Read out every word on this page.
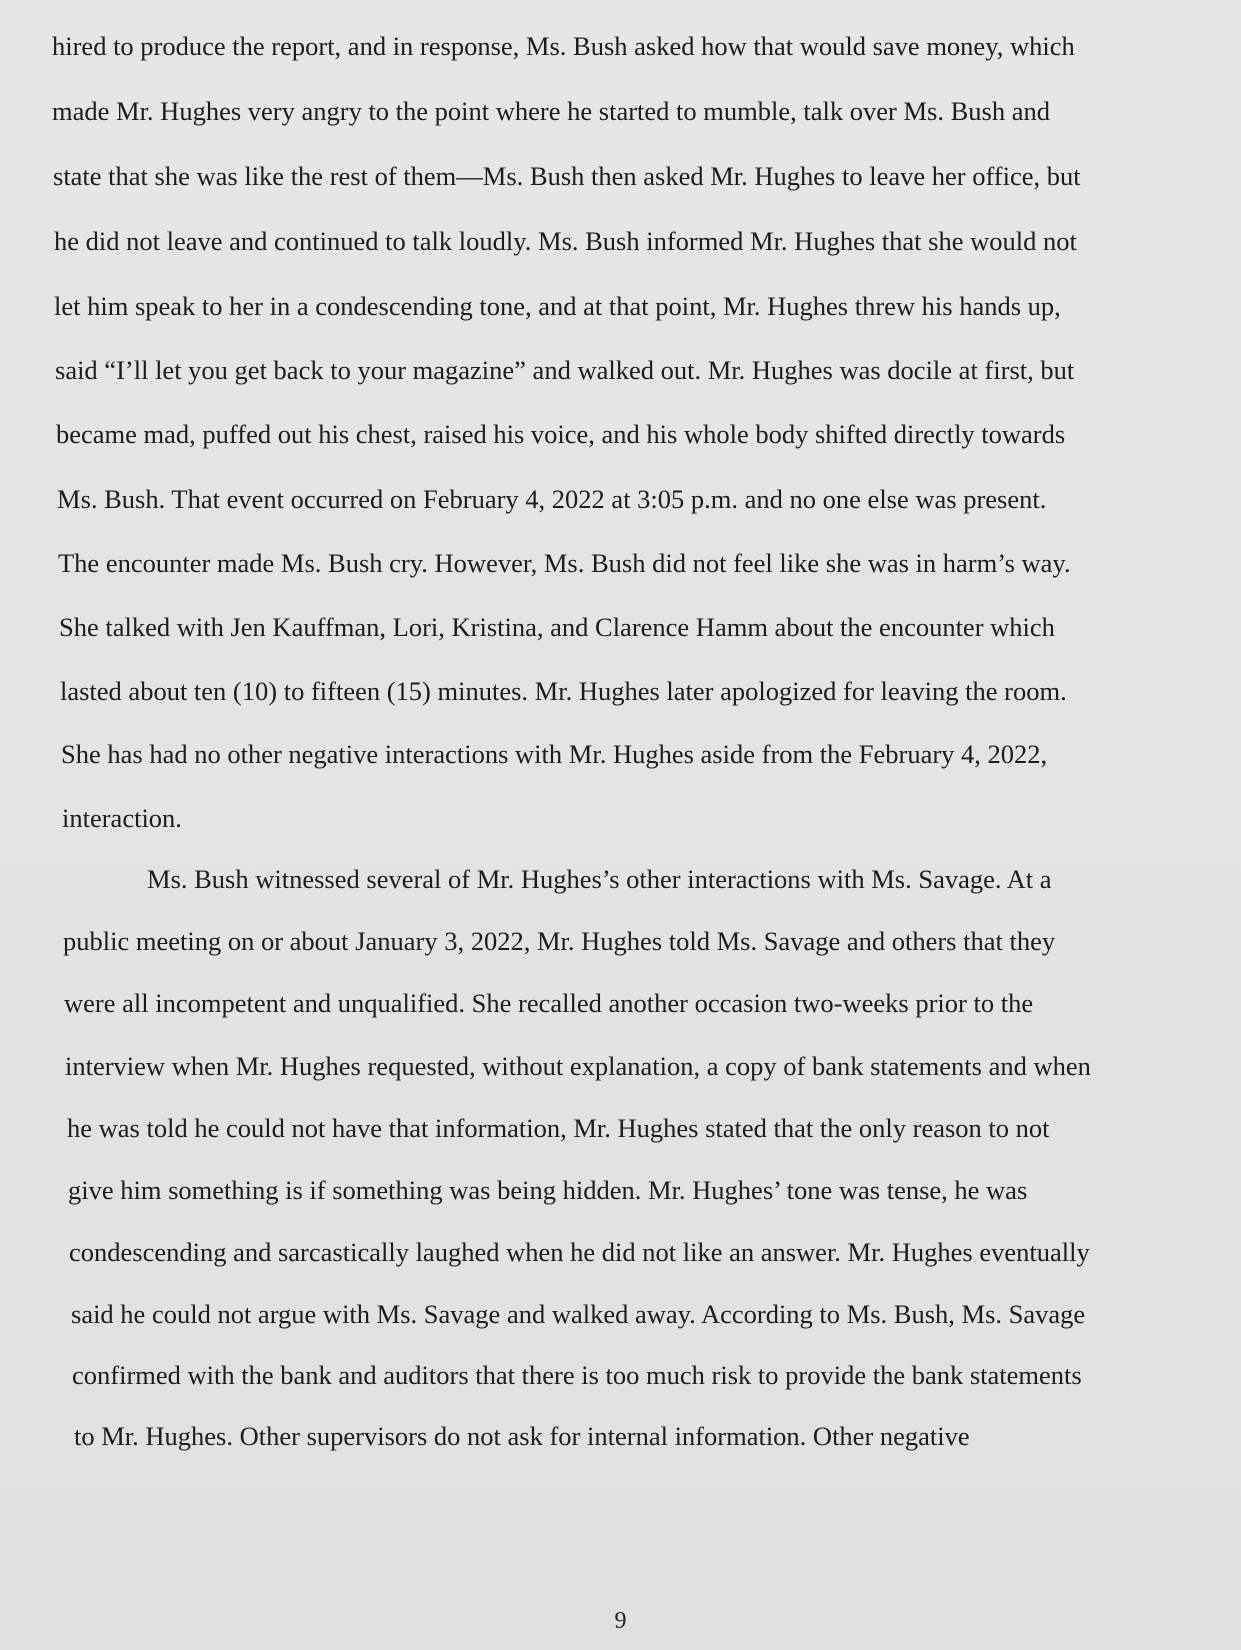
hired to produce the report, and in response, Ms. Bush asked how that would save money, which
made Mr. Hughes very angry to the point where he started to mumble, talk over Ms. Bush and
state that she was like the rest of them—Ms. Bush then asked Mr. Hughes to leave her office, but
he did not leave and continued to talk loudly. Ms. Bush informed Mr. Hughes that she would not
let him speak to her in a condescending tone, and at that point, Mr. Hughes threw his hands up,
said “I’ll let you get back to your magazine” and walked out. Mr. Hughes was docile at first, but
became mad, puffed out his chest, raised his voice, and his whole body shifted directly towards
Ms. Bush. That event occurred on February 4, 2022 at 3:05 p.m. and no one else was present.
The encounter made Ms. Bush cry. However, Ms. Bush did not feel like she was in harm’s way.
She talked with Jen Kauffman, Lori, Kristina, and Clarence Hamm about the encounter which
lasted about ten (10) to fifteen (15) minutes. Mr. Hughes later apologized for leaving the room.
She has had no other negative interactions with Mr. Hughes aside from the February 4, 2022,
interaction.
Ms. Bush witnessed several of Mr. Hughes’s other interactions with Ms. Savage. At a
public meeting on or about January 3, 2022, Mr. Hughes told Ms. Savage and others that they
were all incompetent and unqualified. She recalled another occasion two-weeks prior to the
interview when Mr. Hughes requested, without explanation, a copy of bank statements and when
he was told he could not have that information, Mr. Hughes stated that the only reason to not
give him something is if something was being hidden. Mr. Hughes’ tone was tense, he was
condescending and sarcastically laughed when he did not like an answer. Mr. Hughes eventually
said he could not argue with Ms. Savage and walked away. According to Ms. Bush, Ms. Savage
confirmed with the bank and auditors that there is too much risk to provide the bank statements
to Mr. Hughes. Other supervisors do not ask for internal information. Other negative
9
